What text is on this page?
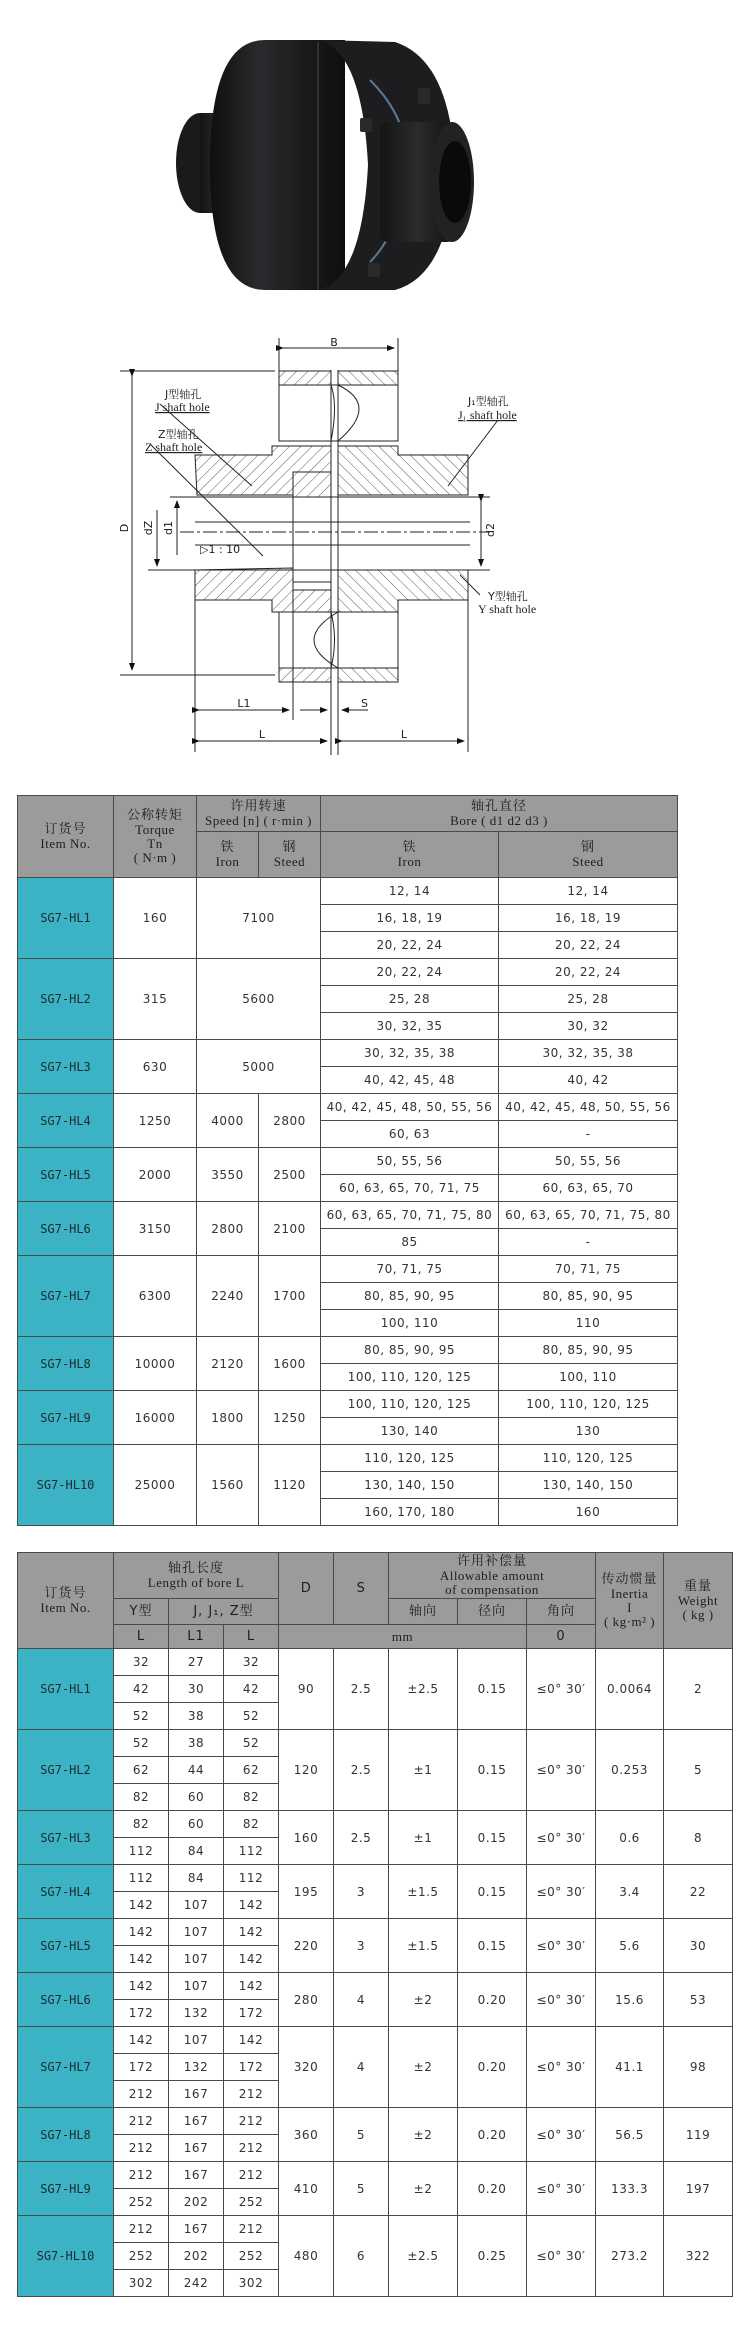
B
D dZ d1	d2
▷1 : 10
L1	S
L	L
J型轴孔
J shaft hole
Z型轴孔
Z shaft hole
J₁型轴孔
J₁ shaft hole
Y型轴孔
Y shaft hole
订货号
Item No.	公称转矩
Torque
Tn
( N·m )	许用转速
Speed [n] ( r·min )		轴孔直径
Bore ( d1 d2 d3 )	

		铁
Iron	钢
Steed	铁
Iron	钢
Steed

SG7-HL1	160	7100		12, 14	12, 14
				16, 18, 19	16, 18, 19
				20, 22, 24	20, 22, 24
SG7-HL2	315	5600		20, 22, 24	20, 22, 24
				25, 28	25, 28
				30, 32, 35	30, 32
SG7-HL3	630	5000		30, 32, 35, 38	30, 32, 35, 38
				40, 42, 45, 48	40, 42
SG7-HL4	1250	4000	2800	40, 42, 45, 48, 50, 55, 56	40, 42, 45, 48, 50, 55, 56
				60, 63	-
SG7-HL5	2000	3550	2500	50, 55, 56	50, 55, 56
				60, 63, 65, 70, 71, 75	60, 63, 65, 70
SG7-HL6	3150	2800	2100	60, 63, 65, 70, 71, 75, 80	60, 63, 65, 70, 71, 75, 80
				85	-
SG7-HL7	6300	2240	1700	70, 71, 75	70, 71, 75
				80, 85, 90, 95	80, 85, 90, 95
				100, 110	110
SG7-HL8	10000	2120	1600	80, 85, 90, 95	80, 85, 90, 95
				100, 110, 120, 125	100, 110
SG7-HL9	16000	1800	1250	100, 110, 120, 125	100, 110, 120, 125
				130, 140	130
SG7-HL10	25000	1560	1120	110, 120, 125	110, 120, 125
				130, 140, 150	130, 140, 150
				160, 170, 180	160
订货号
Item No.	轴孔长度
Length of bore L			D	S	许用补偿量
Allowable amount
of compensation			传动惯量
Inertia
I
( kg·m² )	重量
Weight
( kg )

	Y型	J, J₁, Z型				轴向	径向	角向		

	L	L1	L	mm				0		

SG7-HL1	32	27	32	90	2.5	±2.5	0.15	≤0° 30′	0.0064	2
	42	30	42							
	52	38	52							
SG7-HL2	52	38	52	120	2.5	±1	0.15	≤0° 30′	0.253	5
	62	44	62							
	82	60	82							
SG7-HL3	82	60	82	160	2.5	±1	0.15	≤0° 30′	0.6	8
	112	84	112							
SG7-HL4	112	84	112	195	3	±1.5	0.15	≤0° 30′	3.4	22
	142	107	142							
SG7-HL5	142	107	142	220	3	±1.5	0.15	≤0° 30′	5.6	30
	142	107	142							
SG7-HL6	142	107	142	280	4	±2	0.20	≤0° 30′	15.6	53
	172	132	172							
SG7-HL7	142	107	142	320	4	±2	0.20	≤0° 30′	41.1	98
	172	132	172							
	212	167	212							
SG7-HL8	212	167	212	360	5	±2	0.20	≤0° 30′	56.5	119
	212	167	212							
SG7-HL9	212	167	212	410	5	±2	0.20	≤0° 30′	133.3	197
	252	202	252							
SG7-HL10	212	167	212	480	6	±2.5	0.25	≤0° 30′	273.2	322
	252	202	252							
	302	242	302							
